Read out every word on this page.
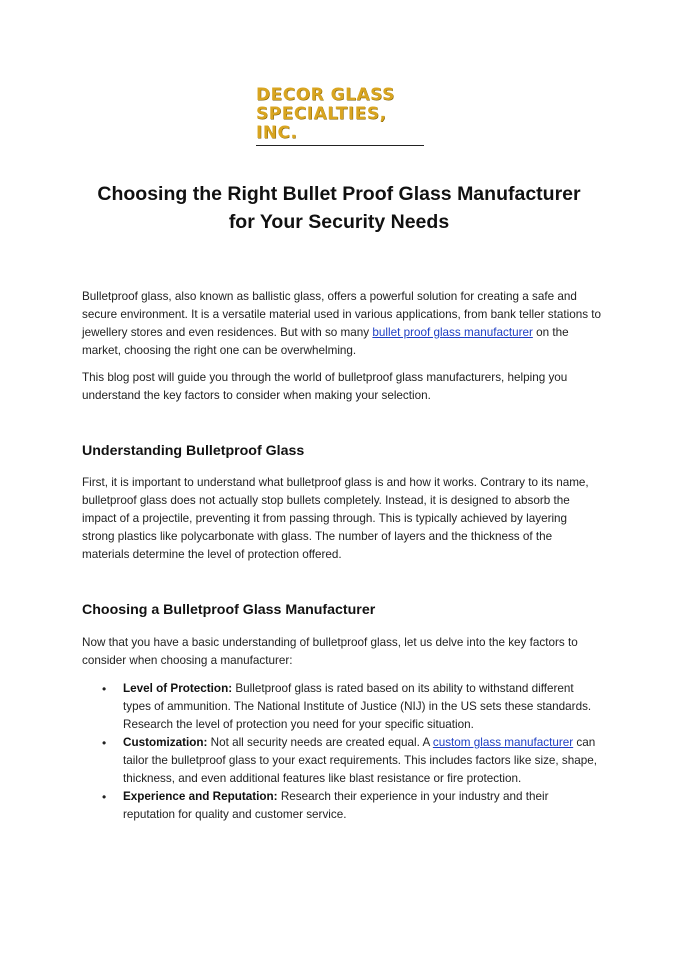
DECOR GLASS
SPECIALTIES, INC.
Choosing the Right Bullet Proof Glass Manufacturer
for Your Security Needs
Bulletproof glass, also known as ballistic glass, offers a powerful solution for creating a safe and secure environment. It is a versatile material used in various applications, from bank teller stations to jewellery stores and even residences. But with so many bullet proof glass manufacturer on the market, choosing the right one can be overwhelming.
This blog post will guide you through the world of bulletproof glass manufacturers, helping you understand the key factors to consider when making your selection.
Understanding Bulletproof Glass
First, it is important to understand what bulletproof glass is and how it works. Contrary to its name, bulletproof glass does not actually stop bullets completely. Instead, it is designed to absorb the impact of a projectile, preventing it from passing through. This is typically achieved by layering strong plastics like polycarbonate with glass. The number of layers and the thickness of the materials determine the level of protection offered.
Choosing a Bulletproof Glass Manufacturer
Now that you have a basic understanding of bulletproof glass, let us delve into the key factors to consider when choosing a manufacturer:
• Level of Protection: Bulletproof glass is rated based on its ability to withstand different types of ammunition. The National Institute of Justice (NIJ) in the US sets these standards. Research the level of protection you need for your specific situation.
• Customization: Not all security needs are created equal. A custom glass manufacturer can tailor the bulletproof glass to your exact requirements. This includes factors like size, shape, thickness, and even additional features like blast resistance or fire protection.
• Experience and Reputation: Research their experience in your industry and their reputation for quality and customer service.
